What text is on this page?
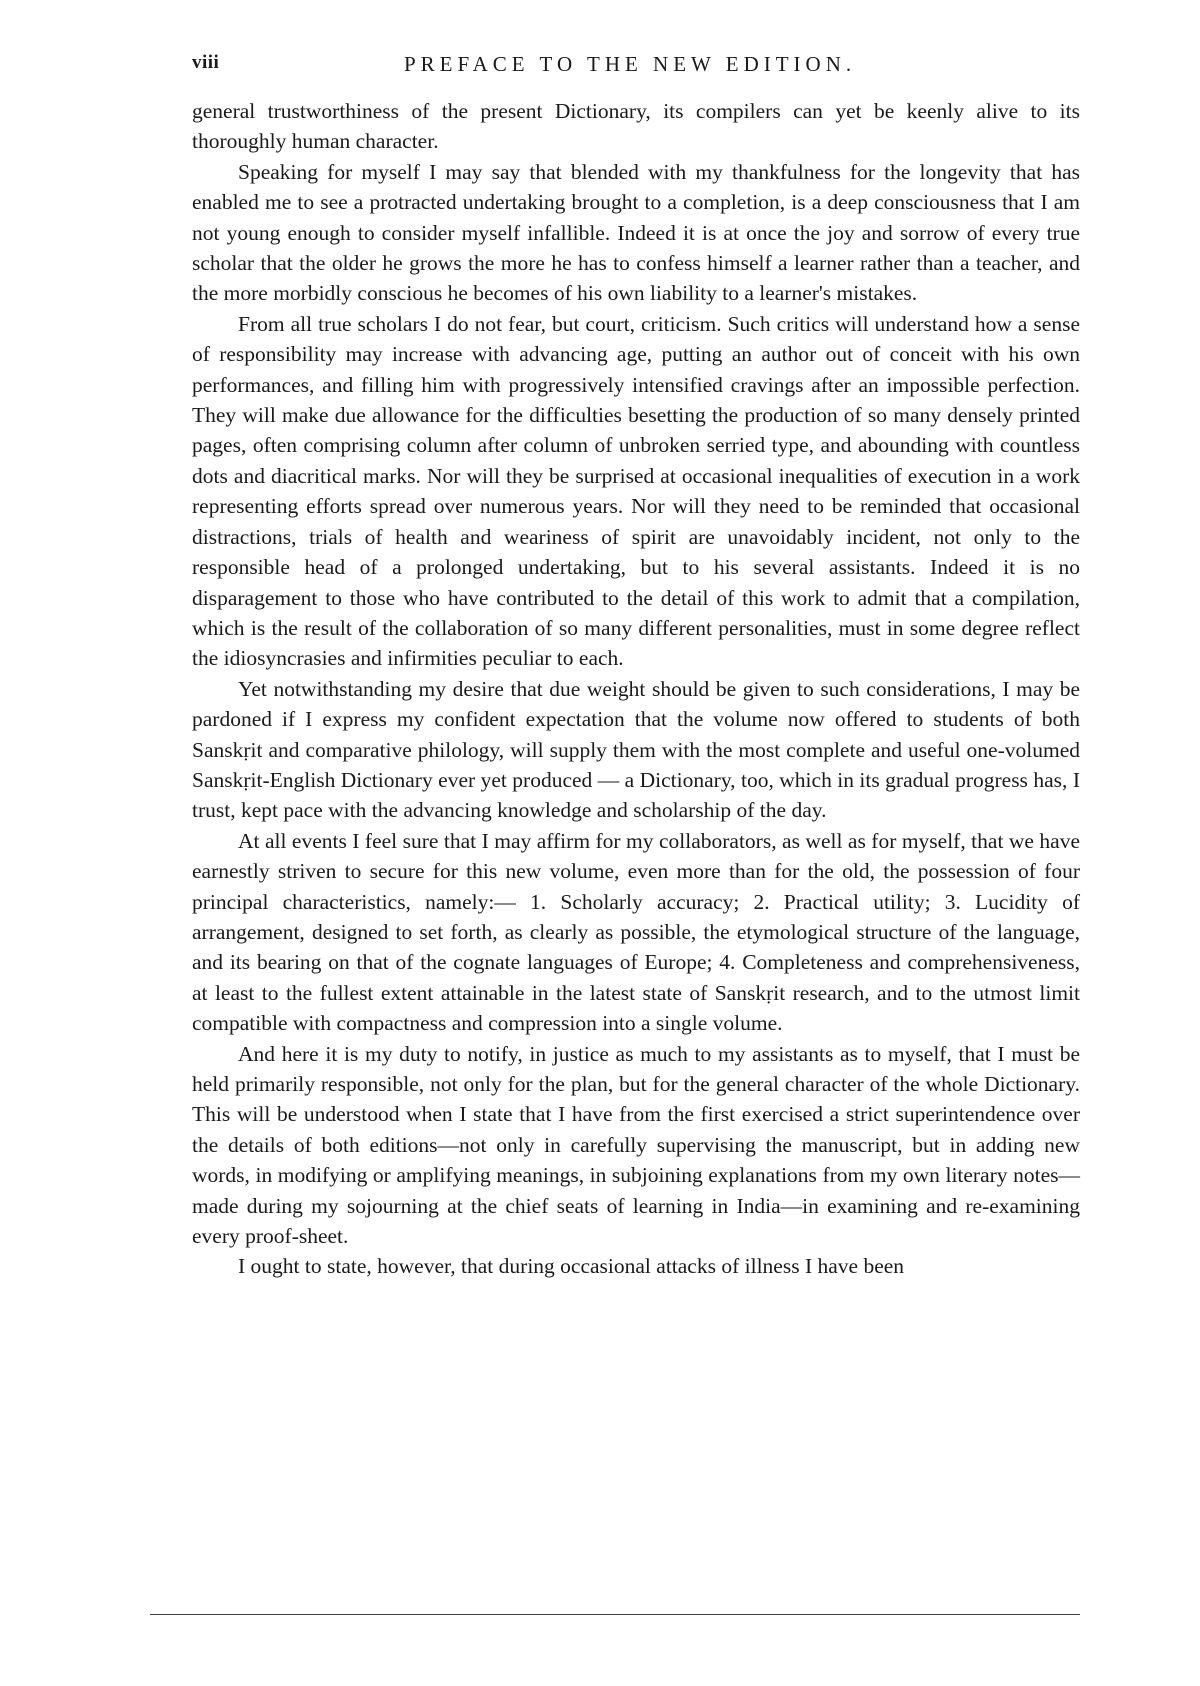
viii	PREFACE TO THE NEW EDITION.

general trustworthiness of the present Dictionary, its compilers can yet be keenly alive to its thoroughly human character.

Speaking for myself I may say that blended with my thankfulness for the longevity that has enabled me to see a protracted undertaking brought to a completion, is a deep consciousness that I am not young enough to consider myself infallible. Indeed it is at once the joy and sorrow of every true scholar that the older he grows the more he has to confess himself a learner rather than a teacher, and the more morbidly conscious he becomes of his own liability to a learner's mistakes.

From all true scholars I do not fear, but court, criticism. Such critics will understand how a sense of responsibility may increase with advancing age, putting an author out of conceit with his own performances, and filling him with progressively intensified cravings after an impossible perfection. They will make due allowance for the difficulties besetting the production of so many densely printed pages, often comprising column after column of unbroken serried type, and abounding with countless dots and diacritical marks. Nor will they be surprised at occasional inequalities of execution in a work representing efforts spread over numerous years. Nor will they need to be reminded that occasional distractions, trials of health and weariness of spirit are unavoidably incident, not only to the responsible head of a prolonged undertaking, but to his several assistants. Indeed it is no disparagement to those who have contributed to the detail of this work to admit that a compilation, which is the result of the collaboration of so many different personalities, must in some degree reflect the idiosyncrasies and infirmities peculiar to each.

Yet notwithstanding my desire that due weight should be given to such considerations, I may be pardoned if I express my confident expectation that the volume now offered to students of both Sanskṛit and comparative philology, will supply them with the most complete and useful one-volumed Sanskṛit-English Dictionary ever yet produced — a Dictionary, too, which in its gradual progress has, I trust, kept pace with the advancing knowledge and scholarship of the day.

At all events I feel sure that I may affirm for my collaborators, as well as for myself, that we have earnestly striven to secure for this new volume, even more than for the old, the possession of four principal characteristics, namely:— 1. Scholarly accuracy; 2. Practical utility; 3. Lucidity of arrangement, designed to set forth, as clearly as possible, the etymological structure of the language, and its bearing on that of the cognate languages of Europe; 4. Completeness and comprehensiveness, at least to the fullest extent attainable in the latest state of Sanskṛit research, and to the utmost limit compatible with compactness and compression into a single volume.

And here it is my duty to notify, in justice as much to my assistants as to myself, that I must be held primarily responsible, not only for the plan, but for the general character of the whole Dictionary. This will be understood when I state that I have from the first exercised a strict superintendence over the details of both editions—not only in carefully supervising the manuscript, but in adding new words, in modifying or amplifying meanings, in subjoining explanations from my own literary notes—made during my sojourning at the chief seats of learning in India—in examining and re-examining every proof-sheet.

I ought to state, however, that during occasional attacks of illness I have been
